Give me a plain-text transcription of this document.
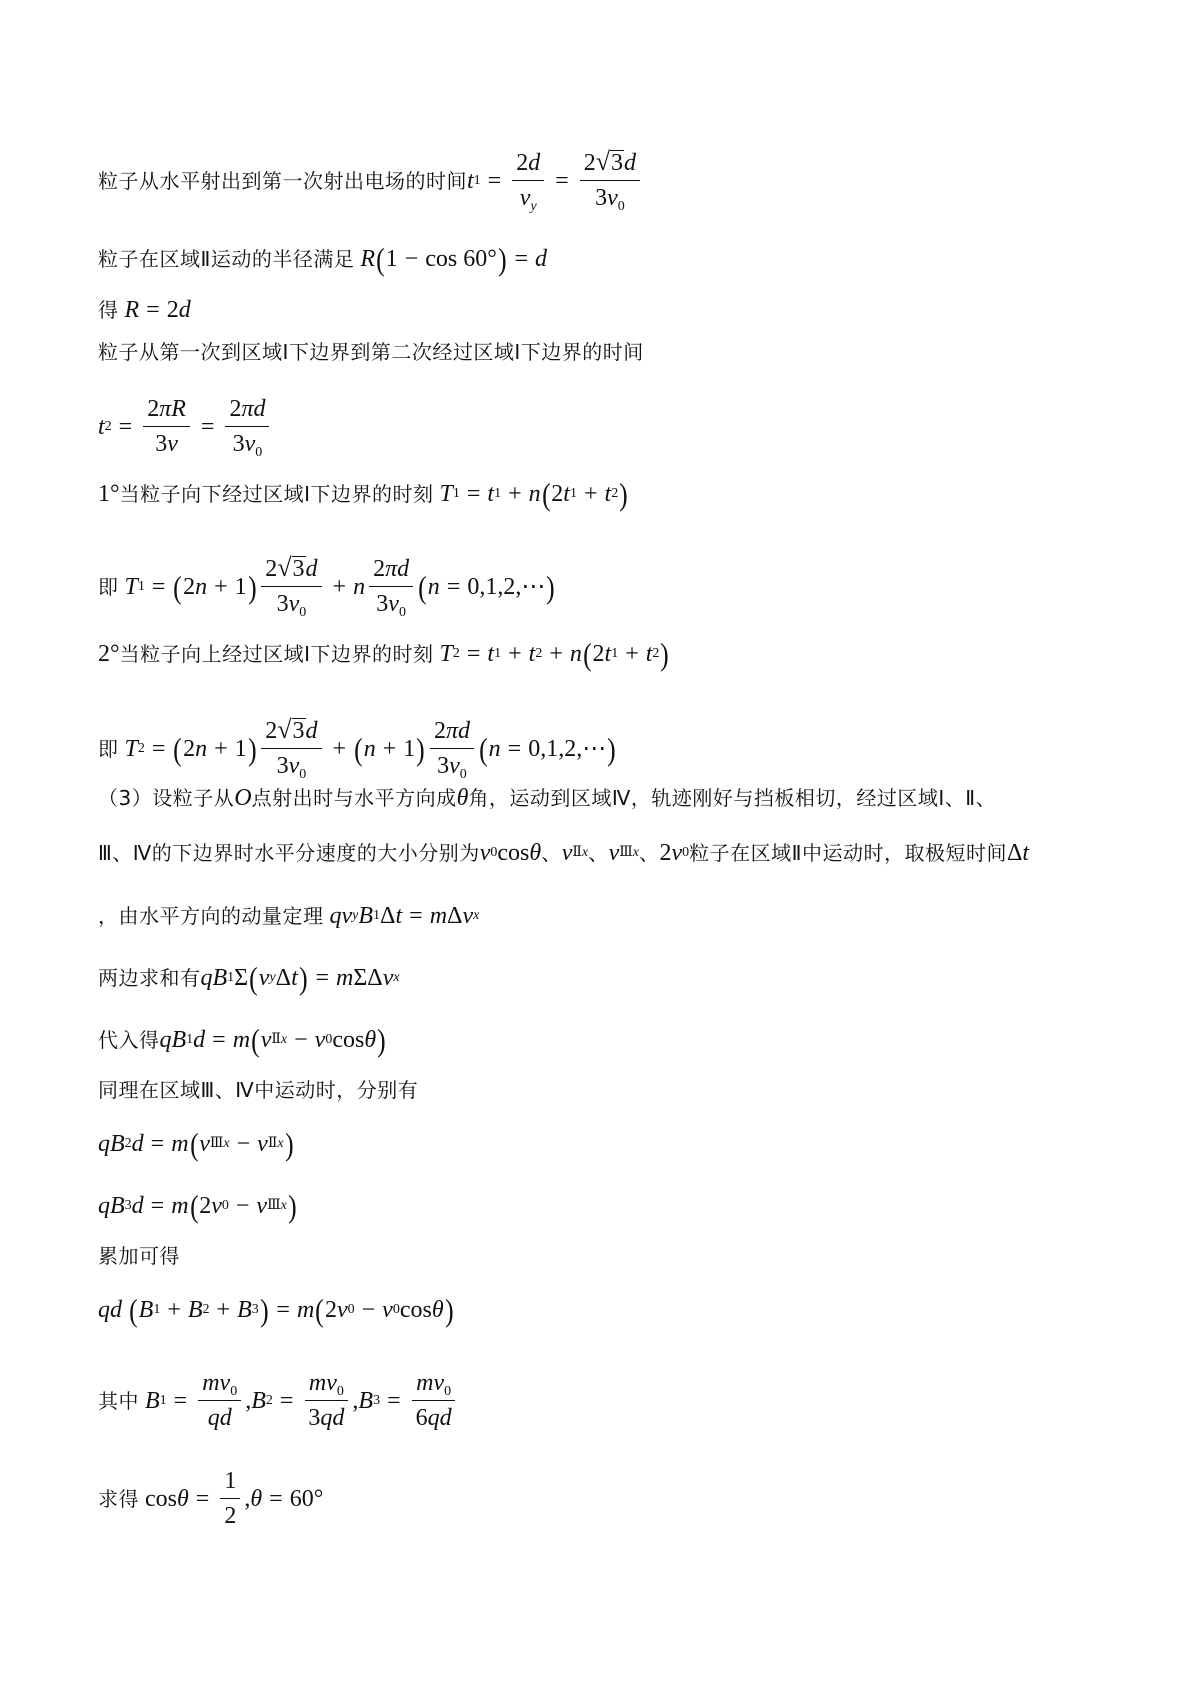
粒子从水平射出到第一次射出电场的时间 t $1 = \frac{2d}{v_y} = \frac{2 √ 3 d}{3v_0}$
粒子在区域Ⅱ运动的半径满足 R ( 1 − cos 60° ) = d
得 R = 2 d
粒子从第一次到区域Ⅰ下边界到第二次经过区域Ⅰ下边界的时间
t $2 = \frac{2\pi R}{3v} = \frac{2\pi d}{3v_0}$
1° 当粒子向下经过区域Ⅰ下边界的时刻 T 1 = t 1 + n ( 2 t 1 + t 2 )
即 T 1 = ( 2 n + 1 ) $\frac{2 √ 3 d}{3v_0} + n \frac{2\pi d}{3v_0}$ ( n = 0,1,2,⋯ )
2° 当粒子向上经过区域Ⅰ下边界的时刻 T 2 = t 1 + t 2 + n ( 2 t 1 + t 2 )
即 T 2 = ( 2 n + 1 ) $\frac{2 √ 3 d}{3v_0}$ + ( n + 1 ) $\frac{2\pi d}{3v_0}$ ( n = 0,1,2,⋯ )
（3）设粒子从 O 点射出时与水平方向成 θ 角，运动到区域Ⅳ，轨迹刚好与挡板相切，经过区域Ⅰ、Ⅱ、
Ⅲ、Ⅳ的下边界时水平分速度的大小分别为 v 0 cos θ 、 v Ⅱx 、 v Ⅲx 、 2 v 0 粒子在区域Ⅱ中运动时，取极短时间 Δ t
，由水平方向的动量定理 qv y B 1 Δ t = m Δ v x
两边求和有 qB 1 Σ ( v y Δ t ) = m ΣΔ v x
代入得 qB 1 d = m ( v Ⅱx − v 0 cos θ )
同理在区域Ⅲ、Ⅳ中运动时，分别有
qB 2 d = m ( v Ⅲx − v Ⅱx )
qB 3 d = m ( 2 v 0 − v Ⅲx )
累加可得
qd ( B 1 + B 2 + B 3 ) = m ( 2 v 0 − v 0 cos θ )
其中 B $1 = \frac{mv_0}{qd}$ , B $2 = \frac{mv_0}{3qd}$ , B $3 = \frac{mv_0}{6qd}$
求得 $\cos \theta = \frac{1}{2}$ , θ = 60°
